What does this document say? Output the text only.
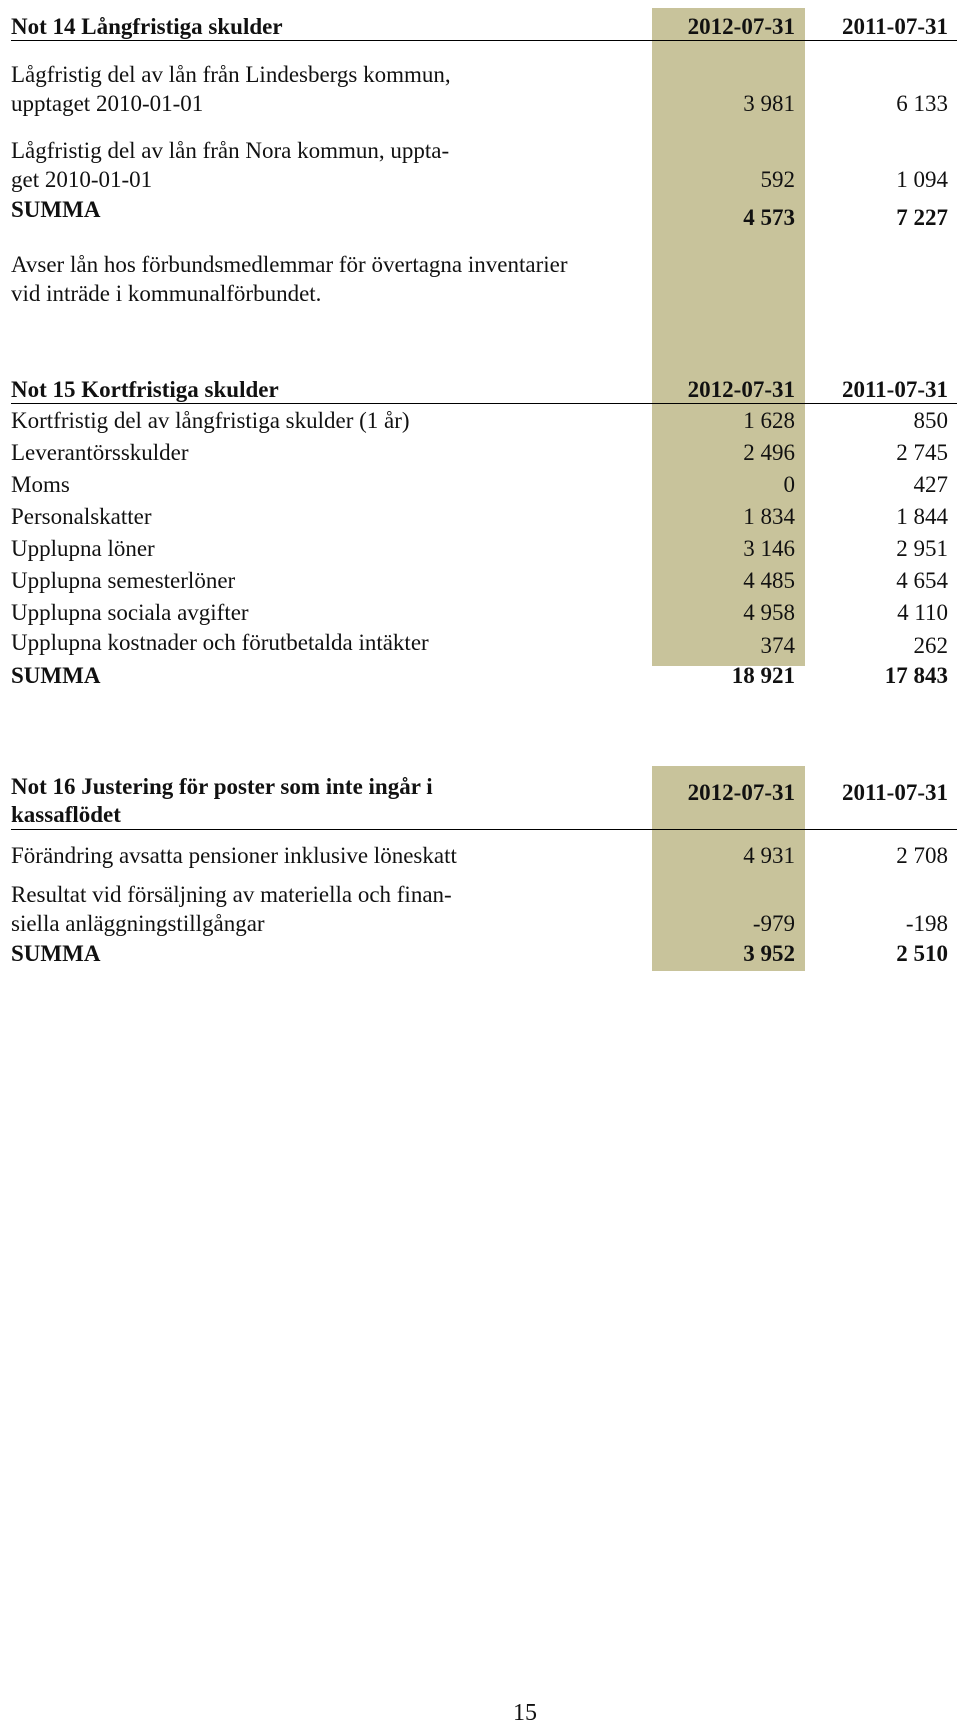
Not 14 Långfristiga skulder	2012-07-31	2011-07-31
Lågfristig del av lån från Lindesbergs kommun,
upptaget 2010-01-01	3 981	6 133
Lågfristig del av lån från Nora kommun, uppta-
get 2010-01-01	592	1 094
SUMMA	4 573	7 227
Avser lån hos förbundsmedlemmar för övertagna inventarier
vid inträde i kommunalförbundet.
Not 15 Kortfristiga skulder	2012-07-31	2011-07-31
Kortfristig del av långfristiga skulder (1 år)	1 628	850
Leverantörsskulder	2 496	2 745
Moms	0	427
Personalskatter	1 834	1 844
Upplupna löner	3 146	2 951
Upplupna semesterlöner	4 485	4 654
Upplupna sociala avgifter	4 958	4 110
Upplupna kostnader och förutbetalda intäkter	374	262
SUMMA	18 921	17 843
Not 16 Justering för poster som inte ingår i
kassaflödet
2012-07-31	2011-07-31
Förändring avsatta pensioner inklusive löneskatt	4 931	2 708
Resultat vid försäljning av materiella och finan-
siella anläggningstillgångar	-979	-198
SUMMA	3 952	2 510
15
